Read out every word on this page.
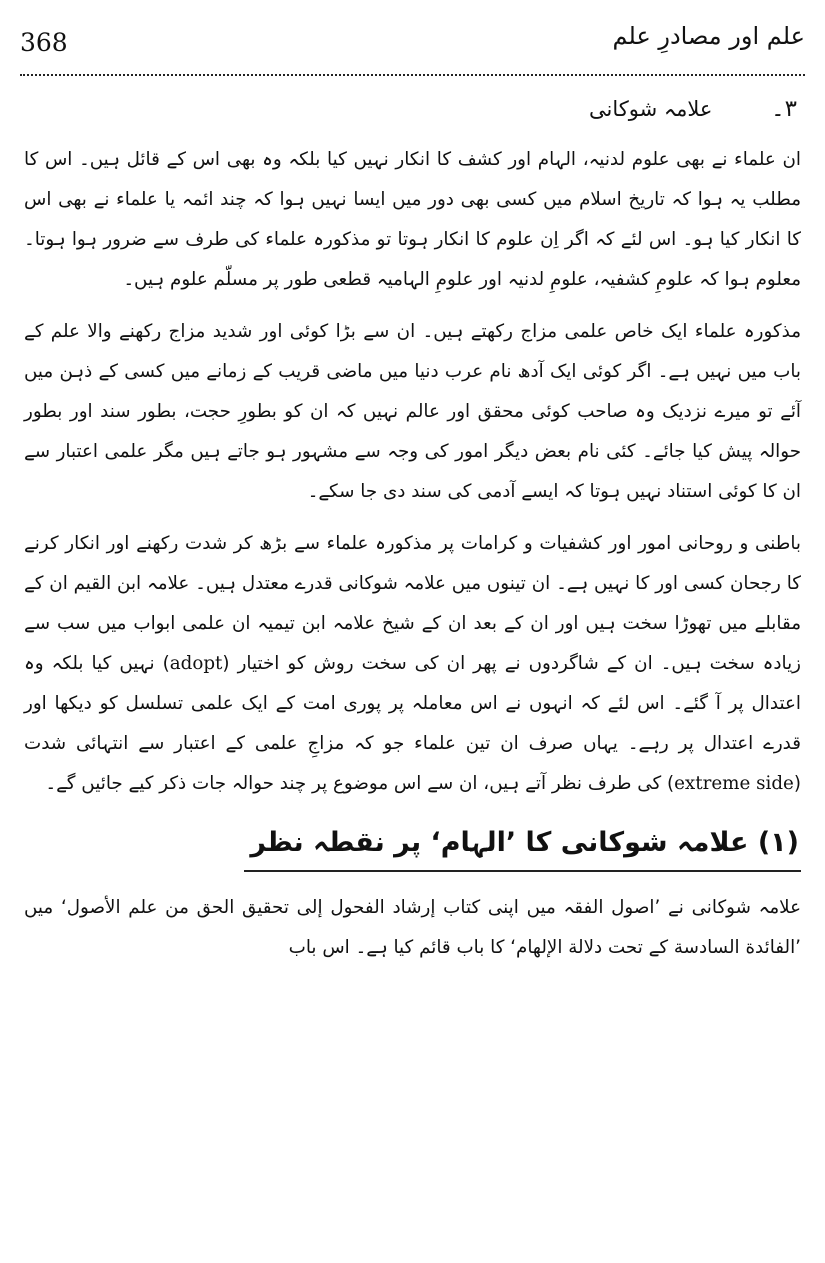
368	علم اور مصادرِ علم
۳۔ علامہ شوکانی

ان علماء نے بھی علوم لدنیہ، الہام اور کشف کا انکار نہیں کیا بلکہ وہ بھی اس کے قائل ہیں۔ اس کا مطلب یہ ہوا کہ تاریخ اسلام میں کسی بھی دور میں ایسا نہیں ہوا کہ چند ائمہ یا علماء نے بھی اس کا انکار کیا ہو۔ اس لئے کہ اگر اِن علوم کا انکار ہوتا تو مذکورہ علماء کی طرف سے ضرور ہوا ہوتا۔ معلوم ہوا کہ علومِ کشفیہ، علومِ لدنیہ اور علومِ الہامیہ قطعی طور پر مسلّم علوم ہیں۔

مذکورہ علماء ایک خاص علمی مزاج رکھتے ہیں۔ ان سے بڑا کوئی اور شدید مزاج رکھنے والا علم کے باب میں نہیں ہے۔ اگر کوئی ایک آدھ نام عرب دنیا میں ماضی قریب کے زمانے میں کسی کے ذہن میں آئے تو میرے نزدیک وہ صاحب کوئی محقق اور عالم نہیں کہ ان کو بطورِ حجت، بطور سند اور بطور حوالہ پیش کیا جائے۔ کئی نام بعض دیگر امور کی وجہ سے مشہور ہو جاتے ہیں مگر علمی اعتبار سے ان کا کوئی استناد نہیں ہوتا کہ ایسے آدمی کی سند دی جا سکے۔

باطنی و روحانی امور اور کشفیات و کرامات پر مذکورہ علماء سے بڑھ کر شدت رکھنے اور انکار کرنے کا رجحان کسی اور کا نہیں ہے۔ ان تینوں میں علامہ شوکانی قدرے معتدل ہیں۔ علامہ ابن القیم ان کے مقابلے میں تھوڑا سخت ہیں اور ان کے بعد ان کے شیخ علامہ ابن تیمیہ ان علمی ابواب میں سب سے زیادہ سخت ہیں۔ ان کے شاگردوں نے پھر ان کی سخت روش کو اختیار (adopt) نہیں کیا بلکہ وہ اعتدال پر آ گئے۔ اس لئے کہ انہوں نے اس معاملہ پر پوری امت کے ایک علمی تسلسل کو دیکھا اور قدرے اعتدال پر رہے۔ یہاں صرف ان تین علماء جو کہ مزاجِ علمی کے اعتبار سے انتہائی شدت (extreme side) کی طرف نظر آتے ہیں، ان سے اس موضوع پر چند حوالہ جات ذکر کیے جائیں گے۔

(۱) علامہ شوکانی کا ’الہام‘ پر نقطہ نظر

علامہ شوکانی نے ’اصول الفقہ میں اپنی کتاب إرشاد الفحول إلی تحقيق الحق من علم الأصول‘ میں ’الفائدة السادسة کے تحت دلالة الإلهام‘ کا باب قائم کیا ہے۔ اس باب
